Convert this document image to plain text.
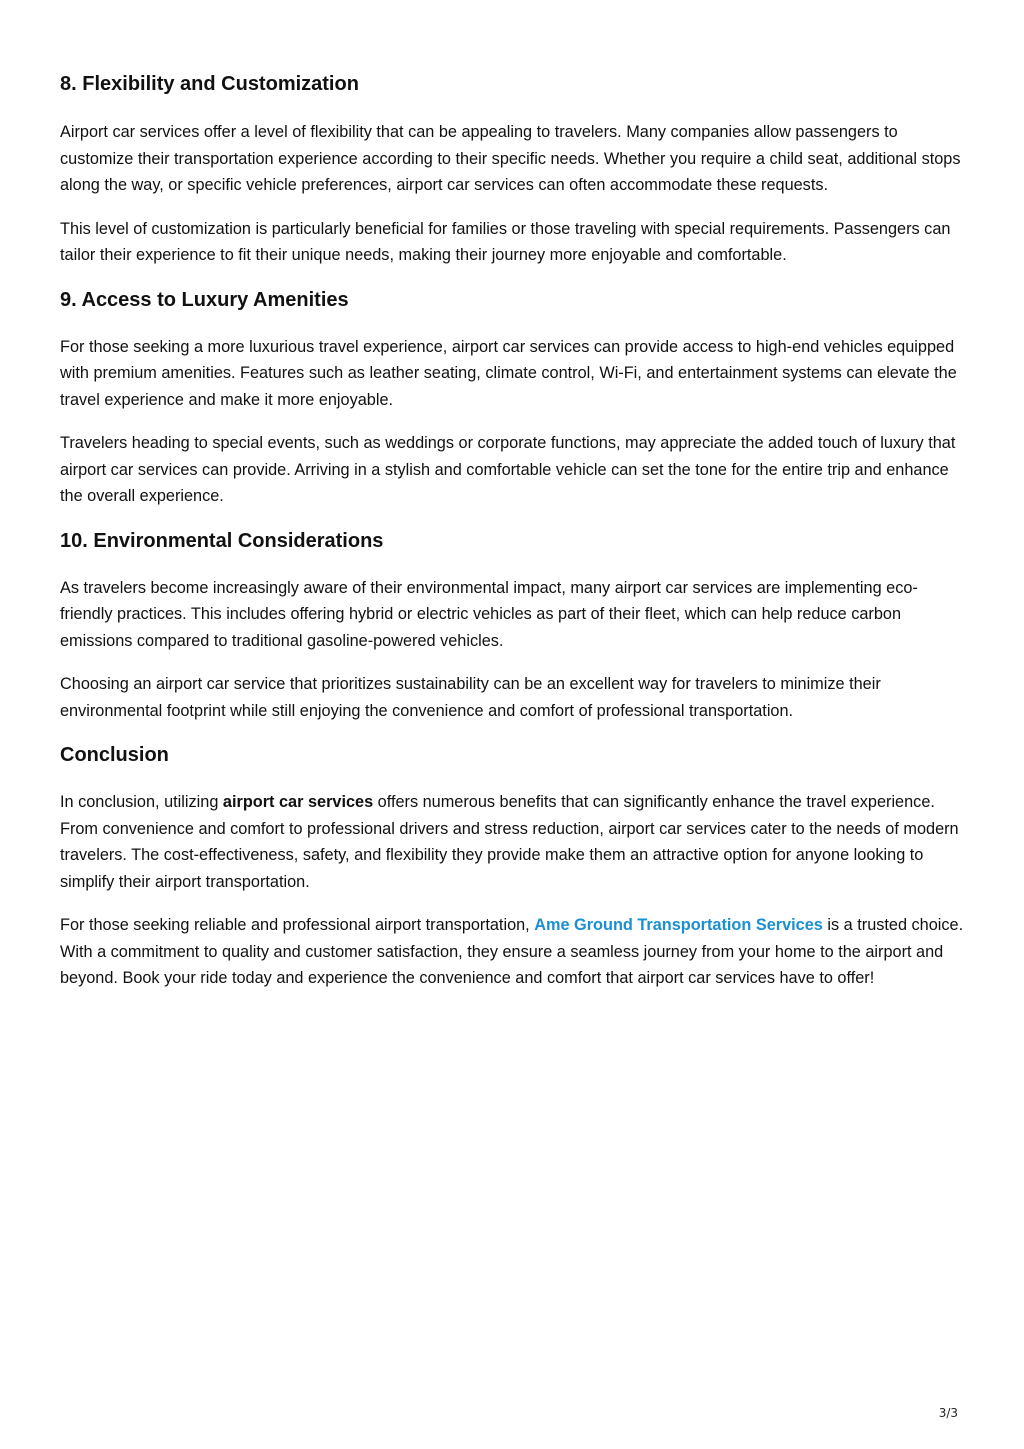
8. Flexibility and Customization

Airport car services offer a level of flexibility that can be appealing to travelers. Many companies allow passengers to customize their transportation experience according to their specific needs. Whether you require a child seat, additional stops along the way, or specific vehicle preferences, airport car services can often accommodate these requests.

This level of customization is particularly beneficial for families or those traveling with special requirements. Passengers can tailor their experience to fit their unique needs, making their journey more enjoyable and comfortable.

9. Access to Luxury Amenities

For those seeking a more luxurious travel experience, airport car services can provide access to high-end vehicles equipped with premium amenities. Features such as leather seating, climate control, Wi-Fi, and entertainment systems can elevate the travel experience and make it more enjoyable.

Travelers heading to special events, such as weddings or corporate functions, may appreciate the added touch of luxury that airport car services can provide. Arriving in a stylish and comfortable vehicle can set the tone for the entire trip and enhance the overall experience.

10. Environmental Considerations

As travelers become increasingly aware of their environmental impact, many airport car services are implementing eco-friendly practices. This includes offering hybrid or electric vehicles as part of their fleet, which can help reduce carbon emissions compared to traditional gasoline-powered vehicles.

Choosing an airport car service that prioritizes sustainability can be an excellent way for travelers to minimize their environmental footprint while still enjoying the convenience and comfort of professional transportation.

Conclusion

In conclusion, utilizing airport car services offers numerous benefits that can significantly enhance the travel experience. From convenience and comfort to professional drivers and stress reduction, airport car services cater to the needs of modern travelers. The cost-effectiveness, safety, and flexibility they provide make them an attractive option for anyone looking to simplify their airport transportation.

For those seeking reliable and professional airport transportation, Ame Ground Transportation Services is a trusted choice. With a commitment to quality and customer satisfaction, they ensure a seamless journey from your home to the airport and beyond. Book your ride today and experience the convenience and comfort that airport car services have to offer!

3/3
